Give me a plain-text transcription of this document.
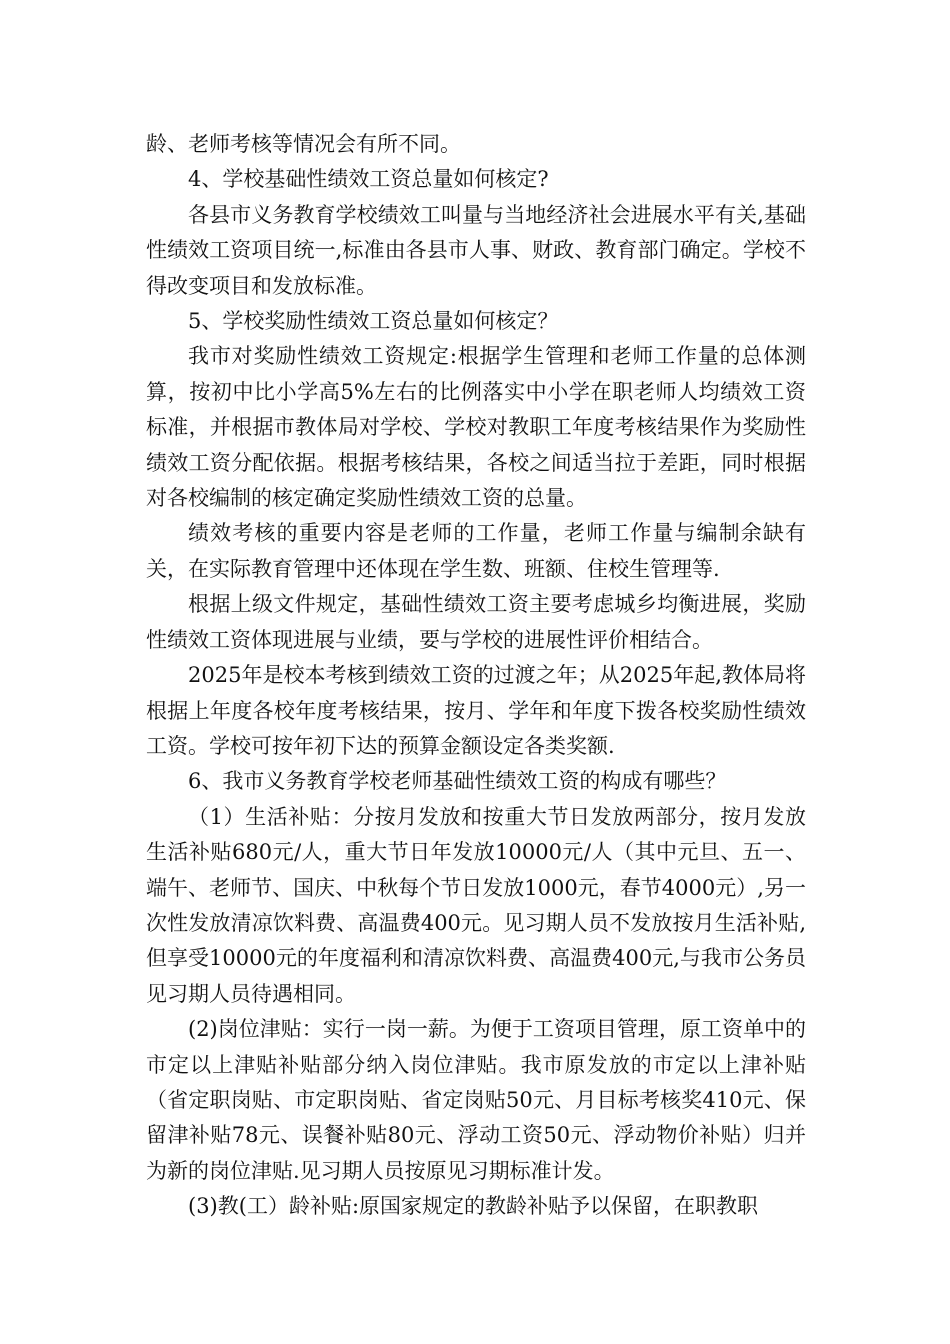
龄、老师考核等情况会有所不同。

4、学校基础性绩效工资总量如何核定?

各县市义务教育学校绩效工叫量与当地经济社会进展水平有关,基础性绩效工资项目统一,标准由各县市人事、财政、教育部门确定。学校不得改变项目和发放标准。

5、学校奖励性绩效工资总量如何核定？

我市对奖励性绩效工资规定:根据学生管理和老师工作量的总体测算，按初中比小学高5%左右的比例落实中小学在职老师人均绩效工资标准，并根据市教体局对学校、学校对教职工年度考核结果作为奖励性绩效工资分配依据。根据考核结果，各校之间适当拉于差距，同时根据对各校编制的核定确定奖励性绩效工资的总量。

绩效考核的重要内容是老师的工作量，老师工作量与编制余缺有关，在实际教育管理中还体现在学生数、班额、住校生管理等.

根据上级文件规定，基础性绩效工资主要考虑城乡均衡进展，奖励性绩效工资体现进展与业绩，要与学校的进展性评价相结合。

2025年是校本考核到绩效工资的过渡之年；从2025年起,教体局将根据上年度各校年度考核结果，按月、学年和年度下拨各校奖励性绩效工资。学校可按年初下达的预算金额设定各类奖额.

6、我市义务教育学校老师基础性绩效工资的构成有哪些？

（1）生活补贴：分按月发放和按重大节日发放两部分，按月发放生活补贴680元/人，重大节日年发放10000元/人（其中元旦、五一、端午、老师节、国庆、中秋每个节日发放1000元，春节4000元）,另一次性发放清凉饮料费、高温费400元。见习期人员不发放按月生活补贴,但享受10000元的年度福利和清凉饮料费、高温费400元,与我市公务员见习期人员待遇相同。

(2)岗位津贴：实行一岗一薪。为便于工资项目管理，原工资单中的市定以上津贴补贴部分纳入岗位津贴。我市原发放的市定以上津补贴（省定职岗贴、市定职岗贴、省定岗贴50元、月目标考核奖410元、保留津补贴78元、误餐补贴80元、浮动工资50元、浮动物价补贴）归并为新的岗位津贴.见习期人员按原见习期标准计发。

(3)教(工）龄补贴:原国家规定的教龄补贴予以保留，在职教职
